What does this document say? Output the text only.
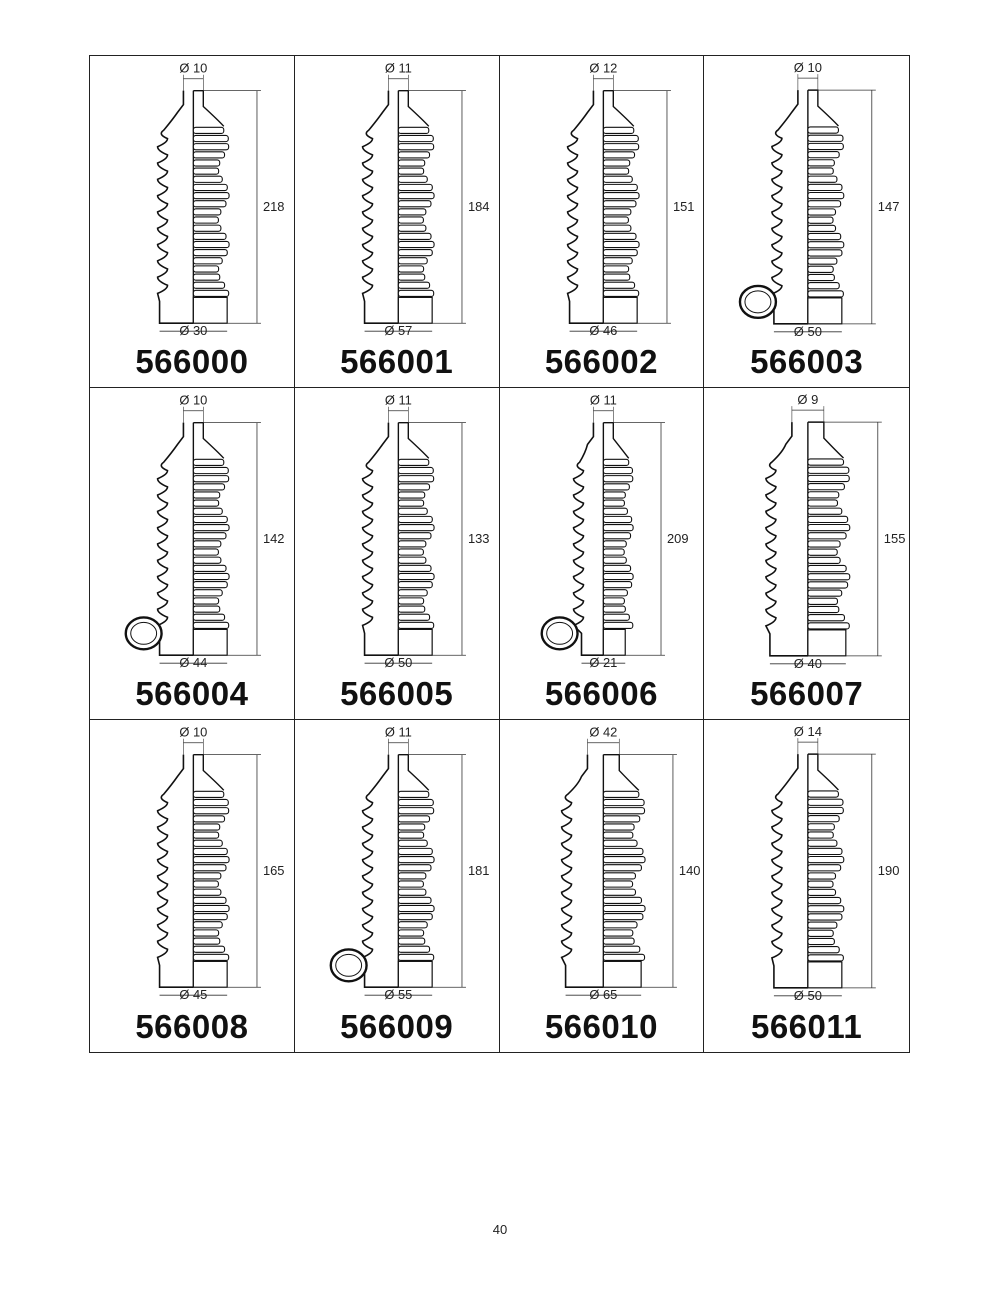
Ø 10
218
Ø 30
566000
Ø 11
184
Ø 57
566001
Ø 12
151
Ø 46
566002
Ø 10
147
Ø 50
566003
Ø 10
142
Ø 44
566004
Ø 11
133
Ø 50
566005
Ø 11
209
Ø 21
566006
Ø 9
155
Ø 40
566007
Ø 10
165
Ø 45
566008
Ø 11
181
Ø 55
566009
Ø 42
140
Ø 65
566010
Ø 14
190
Ø 50
566011
40
